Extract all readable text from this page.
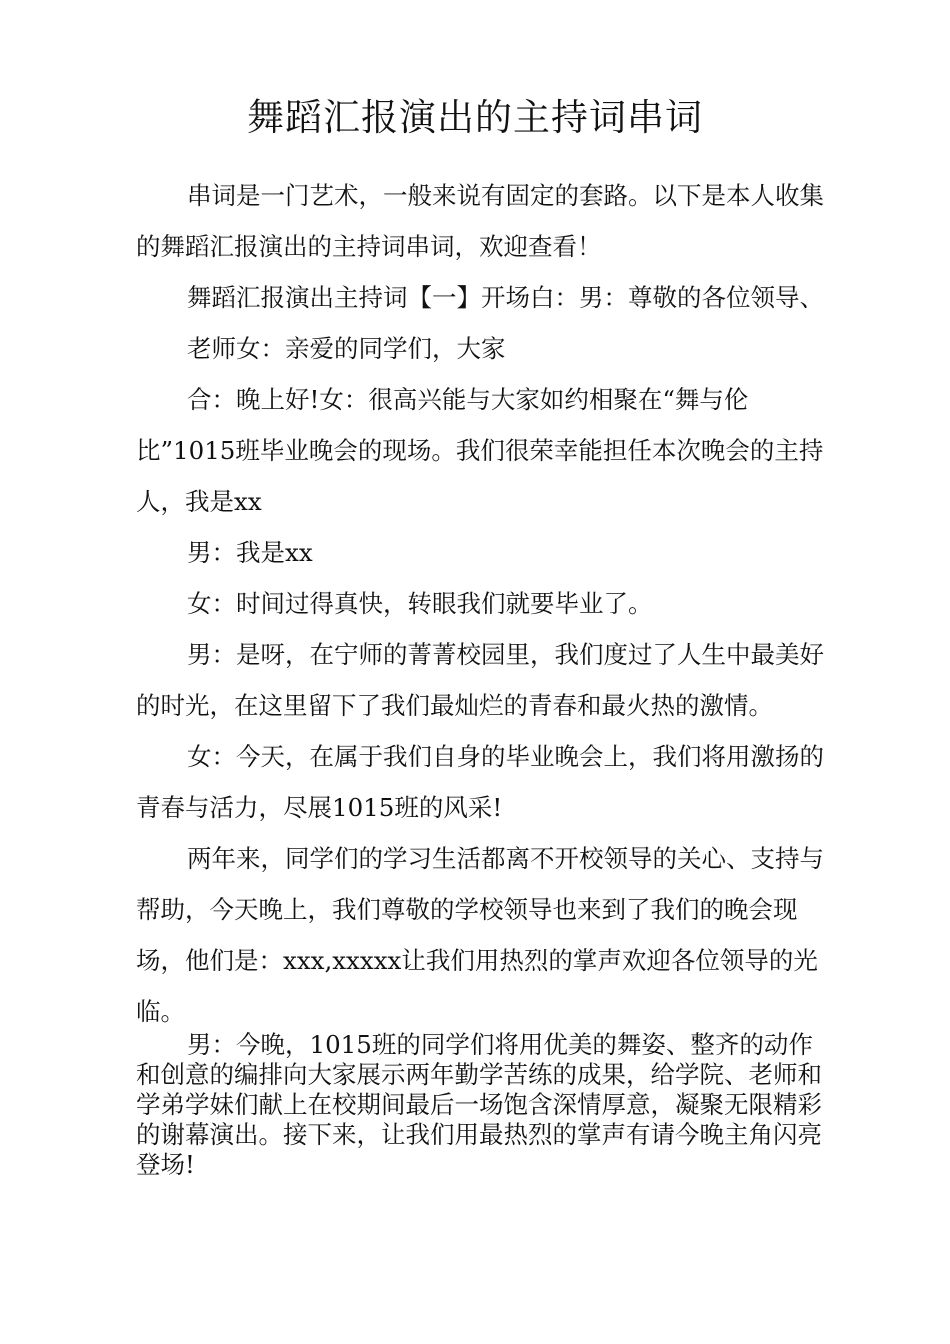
舞蹈汇报演出的主持词串词

串词是一门艺术，一般来说有固定的套路。以下是本人收集的舞蹈汇报演出的主持词串词，欢迎查看！

舞蹈汇报演出主持词【一】开场白：男：尊敬的各位领导、

老师女：亲爱的同学们，大家

合：晚上好!女：很高兴能与大家如约相聚在“舞与伦

比”1015班毕业晚会的现场。我们很荣幸能担任本次晚会的主持人，我是xx

男：我是xx

女：时间过得真快，转眼我们就要毕业了。

男：是呀，在宁师的菁菁校园里，我们度过了人生中最美好的时光，在这里留下了我们最灿烂的青春和最火热的激情。

女：今天，在属于我们自身的毕业晚会上，我们将用激扬的青春与活力，尽展1015班的风采!

两年来，同学们的学习生活都离不开校领导的关心、支持与帮助，今天晚上，我们尊敬的学校领导也来到了我们的晚会现场，他们是：xxx,xxxxx让我们用热烈的掌声欢迎各位领导的光临。

男：今晚，1015班的同学们将用优美的舞姿、整齐的动作和创意的编排向大家展示两年勤学苦练的成果，给学院、老师和学弟学妹们献上在校期间最后一场饱含深情厚意，凝聚无限精彩的谢幕演出。接下来，让我们用最热烈的掌声有请今晚主角闪亮登场!
